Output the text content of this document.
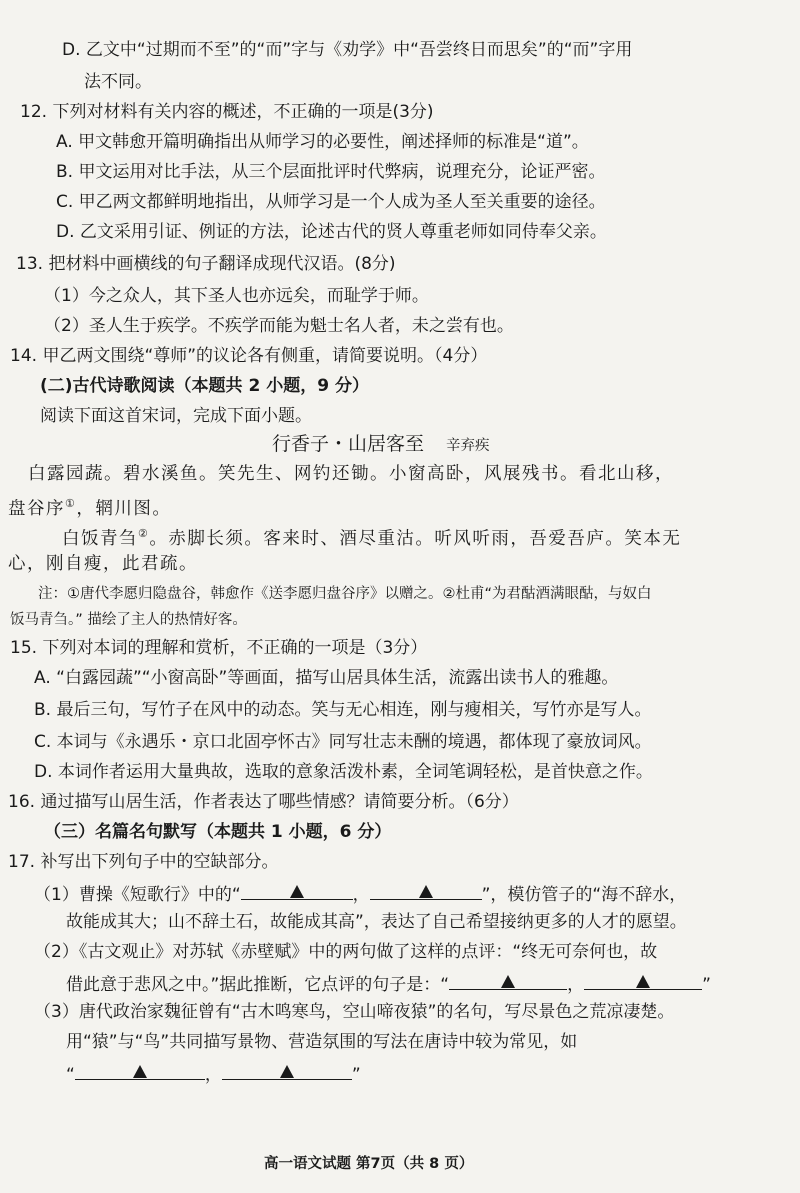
D. 乙文中“过期而不至”的“而”字与《劝学》中“吾尝终日而思矣”的“而”字用
法不同。
12. 下列对材料有关内容的概述，不正确的一项是(3分)
A. 甲文韩愈开篇明确指出从师学习的必要性，阐述择师的标准是“道”。
B. 甲文运用对比手法，从三个层面批评时代弊病，说理充分，论证严密。
C. 甲乙两文都鲜明地指出，从师学习是一个人成为圣人至关重要的途径。
D. 乙文采用引证、例证的方法，论述古代的贤人尊重老师如同侍奉父亲。
13. 把材料中画横线的句子翻译成现代汉语。(8分)
（1）今之众人，其下圣人也亦远矣，而耻学于师。
（2）圣人生于疾学。不疾学而能为魁士名人者，未之尝有也。
14. 甲乙两文围绕“尊师”的议论各有侧重，请简要说明。（4分）
(二)古代诗歌阅读（本题共 2 小题，9 分）
阅读下面这首宋词，完成下面小题。
行香子・山居客至 辛弃疾
白露园蔬。碧水溪鱼。笑先生、网钓还锄。小窗高卧，风展残书。看北山移，
盘谷序①，辋川图。
白饭青刍②。赤脚长须。客来时、酒尽重沽。听风听雨，吾爱吾庐。笑本无
心，刚自瘦，此君疏。
注：①唐代李愿归隐盘谷，韩愈作《送李愿归盘谷序》以赠之。②杜甫“为君酤酒满眼酤，与奴白
饭马青刍。” 描绘了主人的热情好客。
15. 下列对本词的理解和赏析，不正确的一项是（3分）
A. “白露园蔬”“小窗高卧”等画面，描写山居具体生活，流露出读书人的雅趣。
B. 最后三句，写竹子在风中的动态。笑与无心相连，刚与瘦相关，写竹亦是写人。
C. 本词与《永遇乐・京口北固亭怀古》同写壮志未酬的境遇，都体现了豪放词风。
D. 本词作者运用大量典故，选取的意象活泼朴素，全词笔调轻松，是首快意之作。
16. 通过描写山居生活，作者表达了哪些情感？请简要分析。（6分）
（三）名篇名句默写（本题共 1 小题，6 分）
17. 补写出下列句子中的空缺部分。
（1）曹操《短歌行》中的“	，	”，模仿管子的“海不辞水，
故能成其大；山不辞土石，故能成其高”，表达了自己希望接纳更多的人才的愿望。
（2）《古文观止》对苏轼《赤壁赋》中的两句做了这样的点评：“终无可奈何也，故
借此意于悲风之中。”据此推断，它点评的句子是：“	，	”
（3）唐代政治家魏征曾有“古木鸣寒鸟，空山啼夜猿”的名句，写尽景色之荒凉凄楚。
用“猿”与“鸟”共同描写景物、营造氛围的写法在唐诗中较为常见，如
“	，	”
高一语文试题 第7页（共 8 页）
